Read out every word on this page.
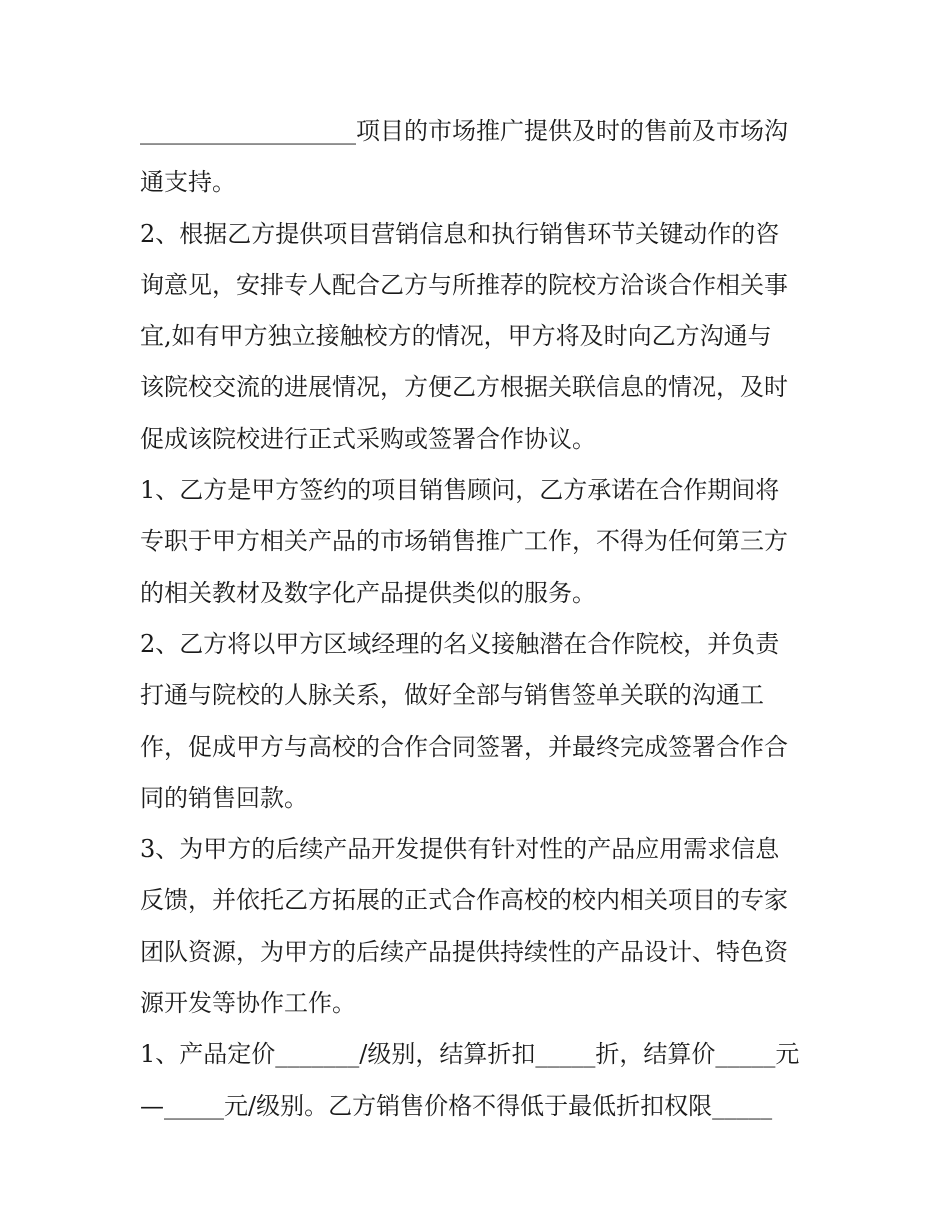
__________________项目的市场推广提供及时的售前及市场沟
通支持。
2、根据乙方提供项目营销信息和执行销售环节关键动作的咨
询意见，安排专人配合乙方与所推荐的院校方洽谈合作相关事
宜,如有甲方独立接触校方的情况，甲方将及时向乙方沟通与
该院校交流的进展情况，方便乙方根据关联信息的情况，及时
促成该院校进行正式采购或签署合作协议。
1、乙方是甲方签约的项目销售顾问，乙方承诺在合作期间将
专职于甲方相关产品的市场销售推广工作，不得为任何第三方
的相关教材及数字化产品提供类似的服务。
2、乙方将以甲方区域经理的名义接触潜在合作院校，并负责
打通与院校的人脉关系，做好全部与销售签单关联的沟通工
作，促成甲方与高校的合作合同签署，并最终完成签署合作合
同的销售回款。
3、为甲方的后续产品开发提供有针对性的产品应用需求信息
反馈，并依托乙方拓展的正式合作高校的校内相关项目的专家
团队资源，为甲方的后续产品提供持续性的产品设计、特色资
源开发等协作工作。
1、产品定价_______/级别，结算折扣_____折，结算价_____元
—_____元/级别。乙方销售价格不得低于最低折扣权限_____
